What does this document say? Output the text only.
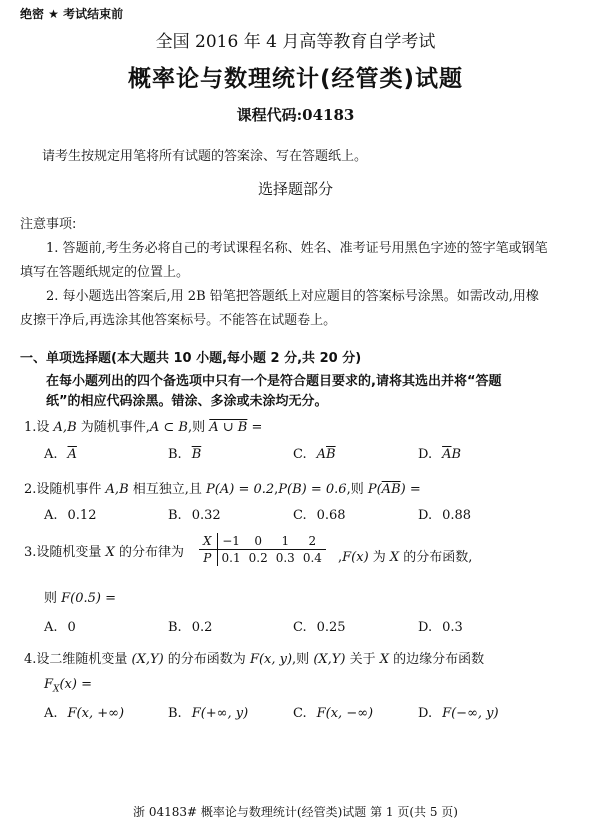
绝密 ★ 考试结束前
全国 2016 年 4 月高等教育自学考试
概率论与数理统计(经管类)试题
课程代码:04183
请考生按规定用笔将所有试题的答案涂、写在答题纸上。
选择题部分
注意事项:
1. 答题前,考生务必将自己的考试课程名称、姓名、准考证号用黑色字迹的签字笔或钢笔
填写在答题纸规定的位置上。
2. 每小题选出答案后,用 2B 铅笔把答题纸上对应题目的答案标号涂黑。如需改动,用橡
皮擦干净后,再选涂其他答案标号。不能答在试题卷上。
一、单项选择题(本大题共 10 小题,每小题 2 分,共 20 分)
在每小题列出的四个备选项中只有一个是符合题目要求的,请将其选出并将“答题
纸”的相应代码涂黑。错涂、多涂或未涂均无分。
1.设 A,B 为随机事件,A ⊂ B,则 A ∪ B =
A. $\overline{A}$	B. $\overline{B}$	C. $A\overline{B}$	D. $\overline{A}B$
2.设随机事件 A,B 相互独立,且 P(A) = 0.2,P(B) = 0.6,则 $P(\overline{A}\overline{B})$ =
A. 0.12	B. 0.32	C. 0.68	D. 0.88
3.设随机变量 X 的分布律为
X	−1	0	1	2
P	0.1	0.2	0.3	0.4 ,F(x) 为 X 的分布函数,
则 F(0.5) =
A. 0	B. 0.2	C. 0.25	D. 0.3
4.设二维随机变量 (X,Y) 的分布函数为 F(x, y),则 (X,Y) 关于 X 的边缘分布函数
$F_X(x)$ =
A. F(x, +∞)	B. F(+∞, y)	C. F(x, −∞)	D. F(−∞, y)
浙 04183# 概率论与数理统计(经管类)试题 第 1 页(共 5 页)
